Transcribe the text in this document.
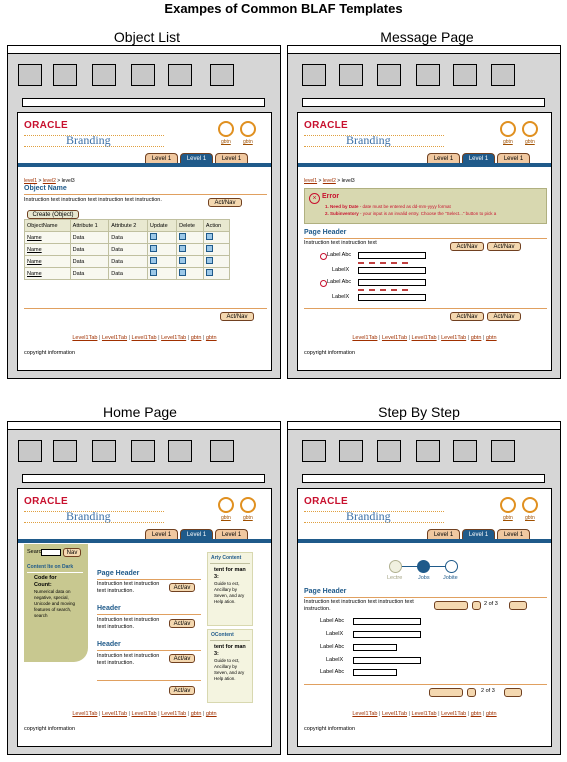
Exampes of Common BLAF Templates
Object List
ORACLE
Branding	gbtn gbtn
Level 1	Level 1	Level 1
level1 > level2 > level3
Object Name
Instruction text instruction text instruction text instruction.	Act/Nav
Create (Object)
ObjectName	Attribute 1	Attribute 2	Update	Delete	Action
Name	Data	Data			
Name	Data	Data			
Name	Data	Data			
Name	Data	Data			
Act/Nav
Level1Tab | Level1Tab | Level1Tab | Level1Tab | gbtn | gbtn
copyright information
Message Page
ORACLE
Branding	gbtn gbtn
Level 1	Level 1	Level 1
level1 > level2 > level3
× Error
1. Need by Date - date must be entered as dd-mm-yyyy format
2. Subinventory - your input is an invalid entry. Choose the "Select..." button to pick a
Page Header
Instruction text instruction text
Act/Nav	Act/Nav
Label Abc
LabelX
Label Abc
LabelX
Act/Nav	Act/Nav
Level1Tab | Level1Tab | Level1Tab | Level1Tab | gbtn | gbtn
copyright information
Home Page
ORACLE
Branding	gbtn gbtn
Level 1	Level 1	Level 1
Searc	Nav
Content Ite on Dark
Code for Count:
Numerical data on negative, special, Unicode and moving features of search, search
Page Header
Instruction text instruction text instruction.	Act/av
Header
Instruction text instruction text instruction.	Act/av
Header
Instruction text instruction text instruction.
Act/av
Act/av
Arty Content
tent for man 3:
Guide to ect, Ancillary by Seven, and ary Help ation.
OContent
tent for man 3:
Guide to ect, Ancillary by Seven, and ary Help ation.
Level1Tab | Level1Tab | Level1Tab | Level1Tab | gbtn | gbtn
copyright information
Step By Step
ORACLE
Branding	gbtn gbtn
Level 1	Level 1	Level 1
Lectre	Jobs Jobite
Page Header
Instruction text instruction text instruction text instruction.
2 of 3
Label Abc
LabelX
Label Abc
LabelX
Label Abc
2 of 3
Level1Tab | Level1Tab | Level1Tab | Level1Tab | gbtn | gbtn
copyright information
